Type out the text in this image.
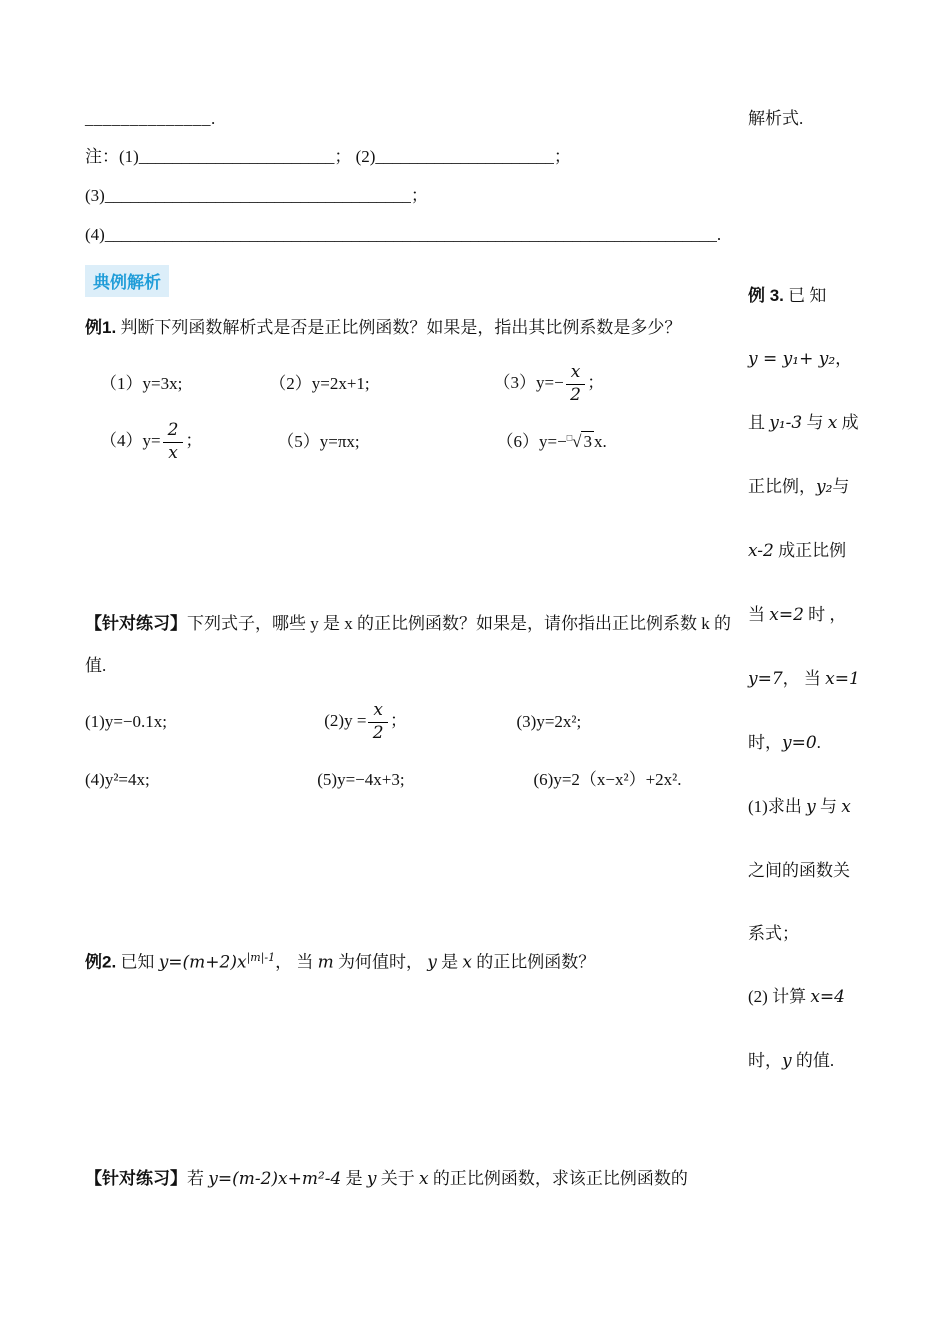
______________.

注：(1)_______________________； (2)_____________________；

(3)____________________________________；

(4)________________________________________________________________________.

典例解析

例1. 判断下列函数解析式是否是正比例函数？如果是，指出其比例系数是多少？

（1）y=3x;	（2）y=2x+1;	$(3)y=- \frac{x}{2}$ ；
$(4)y= \frac{2}{x}$ ；	（5）y=πx;	（6）y=−□√ 3 x.

【针对练习】下列式子，哪些 y 是 x 的正比例函数？如果是，请你指出正比例系数 k 的值.

(1)y=−0.1x;	$(2)y = \frac{x}{2}$ ；	(3)y=2x²;
(4)y²=4x;	(5)y=−4x+3;	(6)y=2（x−x²）+2x².

例2. 已知 $y=(m+2)x^{|m|-1}$， 当 m 为何值时， y 是 x 的正比例函数？

【针对练习】若 y=(m-2)x+m²-4 是 y 关于 x 的正比例函数，求该正比例函数的

解析式.

例 3. 已 知
y = y₁+ y₂，
且 y₁-3 与 x 成
正比例，y₂与
x-2 成正比例
当 x=2 时 ，
y=7， 当 x=1
时，y=0.
(1)求出 y 与 x
之间的函数关
系式；
(2) 计算 x=4
时，y 的值.
